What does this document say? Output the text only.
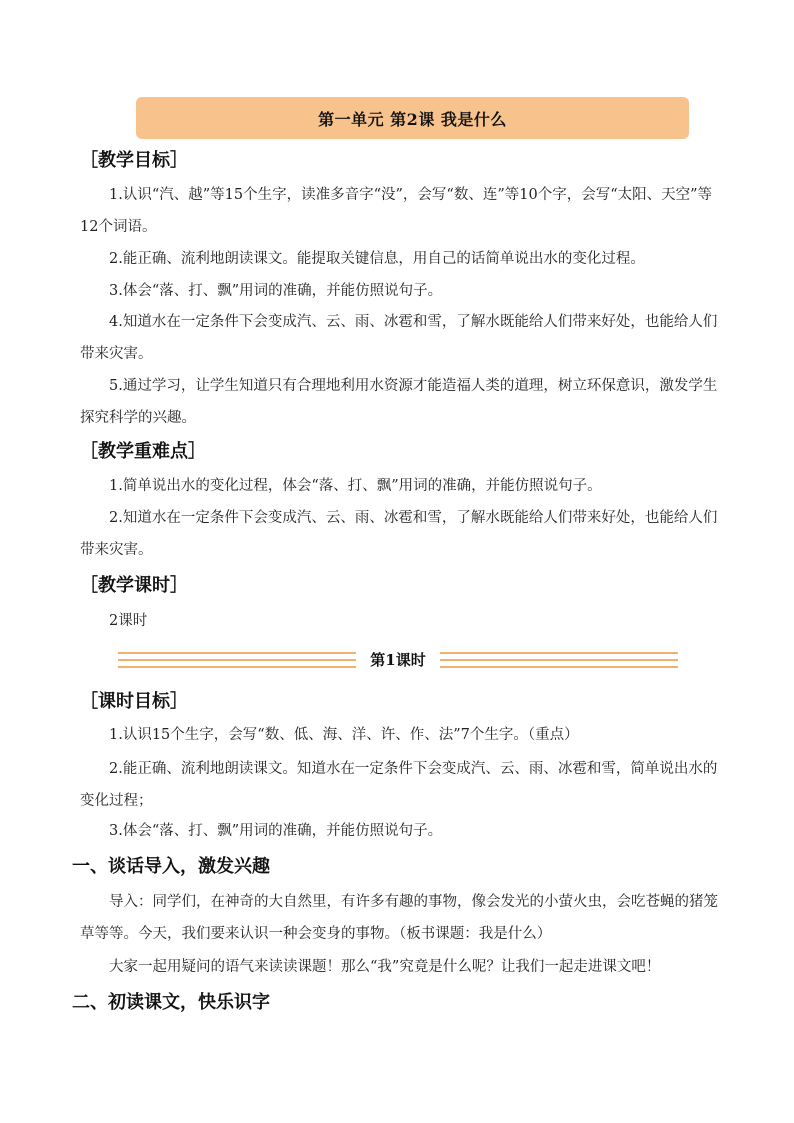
第一单元 第2课 我是什么
［教学目标］
1.认识“汽、越”等15个生字，读准多音字“没”，会写“数、连”等10个字，会写“太阳、天空”等12个词语。
2.能正确、流利地朗读课文。能提取关键信息，用自己的话简单说出水的变化过程。
3.体会“落、打、飘”用词的准确，并能仿照说句子。
4.知道水在一定条件下会变成汽、云、雨、冰雹和雪，了解水既能给人们带来好处，也能给人们带来灾害。
5.通过学习，让学生知道只有合理地利用水资源才能造福人类的道理，树立环保意识，激发学生探究科学的兴趣。
［教学重难点］
1.简单说出水的变化过程，体会“落、打、飘”用词的准确，并能仿照说句子。
2.知道水在一定条件下会变成汽、云、雨、冰雹和雪，了解水既能给人们带来好处，也能给人们带来灾害。
［教学课时］
2课时
第1课时
［课时目标］
1.认识15个生字，会写“数、低、海、洋、许、作、法”7个生字。（重点）
2.能正确、流利地朗读课文。知道水在一定条件下会变成汽、云、雨、冰雹和雪，简单说出水的变化过程；
3.体会“落、打、飘”用词的准确，并能仿照说句子。
一、谈话导入，激发兴趣
导入：同学们，在神奇的大自然里，有许多有趣的事物，像会发光的小萤火虫，会吃苍蝇的猪笼草等等。今天，我们要来认识一种会变身的事物。（板书课题：我是什么）
大家一起用疑问的语气来读读课题！那么“我”究竟是什么呢？让我们一起走进课文吧！
二、初读课文，快乐识字
